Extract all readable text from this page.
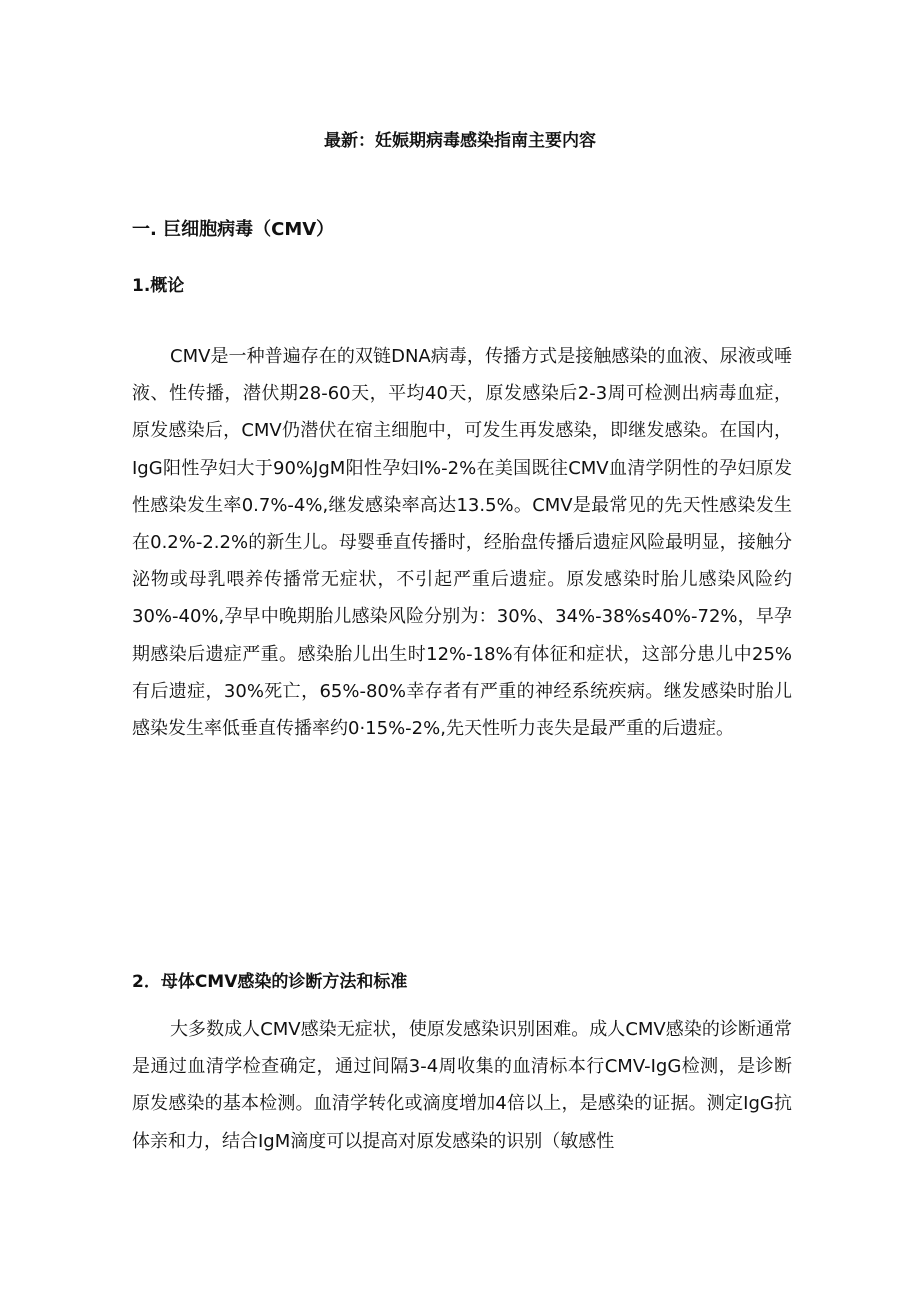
最新：妊娠期病毒感染指南主要内容
一. 巨细胞病毒（CMV）
1.概论

CMV是一种普遍存在的双链DNA病毒，传播方式是接触感染的血液、尿液或唾液、性传播，潜伏期28-60天，平均40天，原发感染后2-3周可检测出病毒血症，原发感染后，CMV仍潜伏在宿主细胞中，可发生再发感染，即继发感染。在国内，IgG阳性孕妇大于90%JgM阳性孕妇l%-2%在美国既往CMV血清学阴性的孕妇原发性感染发生率0.7%-4%,继发感染率高达13.5%。CMV是最常见的先天性感染发生在0.2%-2.2%的新生儿。母婴垂直传播时，经胎盘传播后遗症风险最明显，接触分泌物或母乳喂养传播常无症状，不引起严重后遗症。原发感染时胎儿感染风险约30%-40%,孕早中晚期胎儿感染风险分别为：30%、34%-38%s40%-72%，早孕期感染后遗症严重。感染胎儿出生时12%-18%有体征和症状，这部分患儿中25%有后遗症，30%死亡，65%-80%幸存者有严重的神经系统疾病。继发感染时胎儿感染发生率低垂直传播率约0·15%-2%,先天性听力丧失是最严重的后遗症。

2．母体CMV感染的诊断方法和标准

大多数成人CMV感染无症状，使原发感染识别困难。成人CMV感染的诊断通常是通过血清学检查确定，通过间隔3-4周收集的血清标本行CMV-IgG检测，是诊断原发感染的基本检测。血清学转化或滴度增加4倍以上，是感染的证据。测定IgG抗体亲和力，结合IgM滴度可以提高对原发感染的识别（敏感性
